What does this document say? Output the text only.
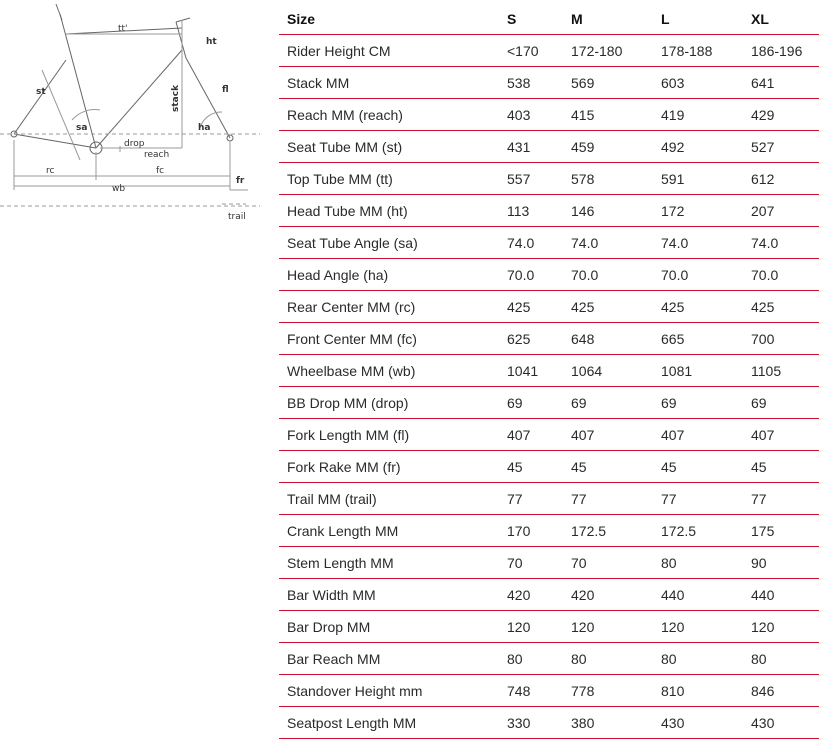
tt'
ht
st	stack	fl
sa	ha
drop
reach
rc	fc
wb
fr
trail
Size	S	M	L	XL
Rider Height CM	<170	172-180	178-188	186-196
Stack MM	538	569	603	641
Reach MM (reach)	403	415	419	429
Seat Tube MM (st)	431	459	492	527
Top Tube MM (tt)	557	578	591	612
Head Tube MM (ht)	113	146	172	207
Seat Tube Angle (sa)	74.0	74.0	74.0	74.0
Head Angle (ha)	70.0	70.0	70.0	70.0
Rear Center MM (rc)	425	425	425	425
Front Center MM (fc)	625	648	665	700
Wheelbase MM (wb)	1041	1064	1081	1105
BB Drop MM (drop)	69	69	69	69
Fork Length MM (fl)	407	407	407	407
Fork Rake MM (fr)	45	45	45	45
Trail MM (trail)	77	77	77	77
Crank Length MM	170	172.5	172.5	175
Stem Length MM	70	70	80	90
Bar Width MM	420	420	440	440
Bar Drop MM	120	120	120	120
Bar Reach MM	80	80	80	80
Standover Height mm	748	778	810	846
Seatpost Length MM	330	380	430	430
